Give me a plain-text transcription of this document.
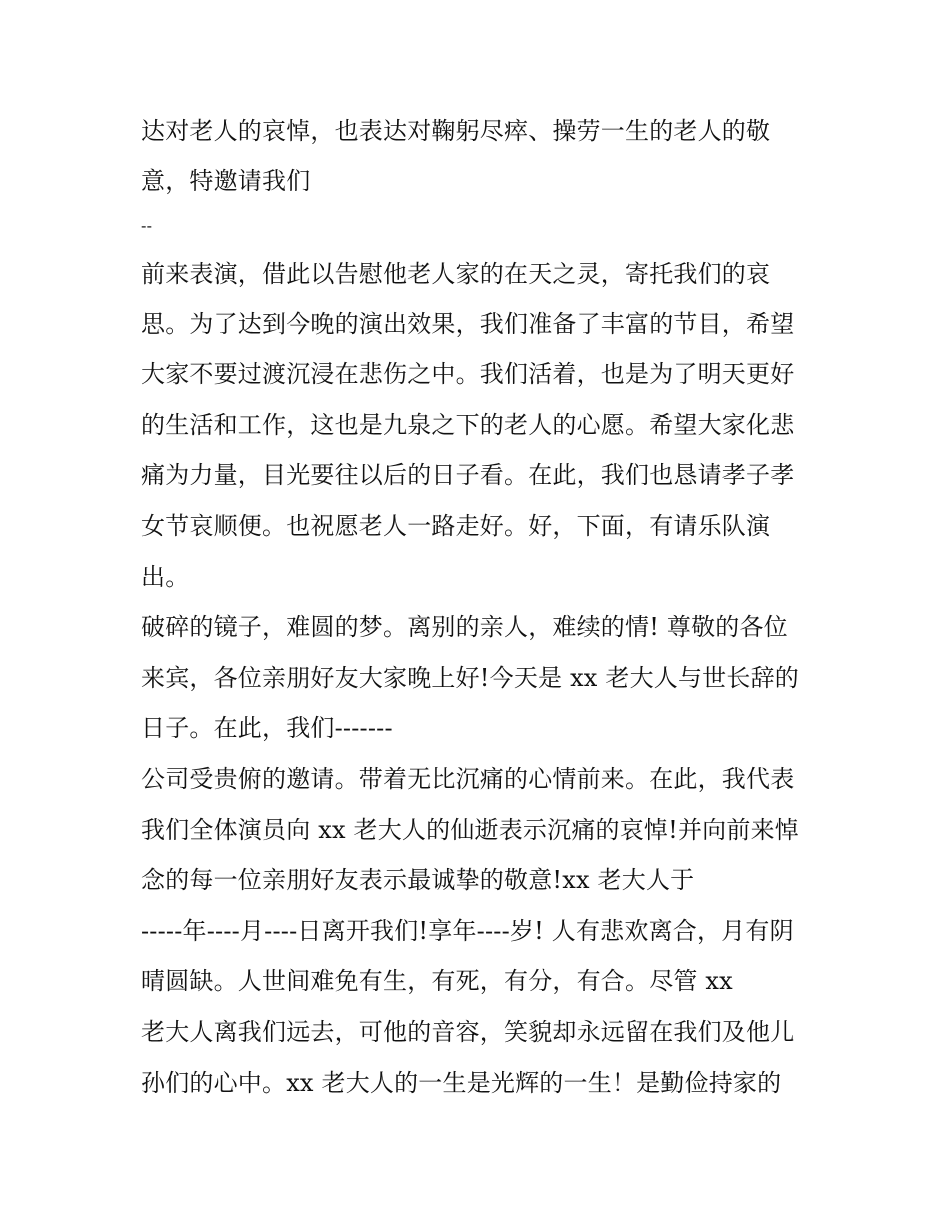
达对老人的哀悼，也表达对鞠躬尽瘁、操劳一生的老人的敬
意，特邀请我们
--
前来表演，借此以告慰他老人家的在天之灵，寄托我们的哀
思。为了达到今晚的演出效果，我们准备了丰富的节目，希望
大家不要过渡沉浸在悲伤之中。我们活着，也是为了明天更好
的生活和工作，这也是九泉之下的老人的心愿。希望大家化悲
痛为力量，目光要往以后的日子看。在此，我们也恳请孝子孝
女节哀顺便。也祝愿老人一路走好。好，下面，有请乐队演
出。
破碎的镜子，难圆的梦。离别的亲人，难续的情! 尊敬的各位
来宾，各位亲朋好友大家晚上好!今天是 xx 老大人与世长辞的
日子。在此，我们-------
公司受贵俯的邀请。带着无比沉痛的心情前来。在此，我代表
我们全体演员向 xx 老大人的仙逝表示沉痛的哀悼!并向前来悼
念的每一位亲朋好友表示最诚挚的敬意!xx 老大人于
-----年----月----日离开我们!享年----岁! 人有悲欢离合，月有阴
晴圆缺。人世间难免有生，有死，有分，有合。尽管 xx
老大人离我们远去，可他的音容，笑貌却永远留在我们及他儿
孙们的心中。xx 老大人的一生是光辉的一生！是勤俭持家的
